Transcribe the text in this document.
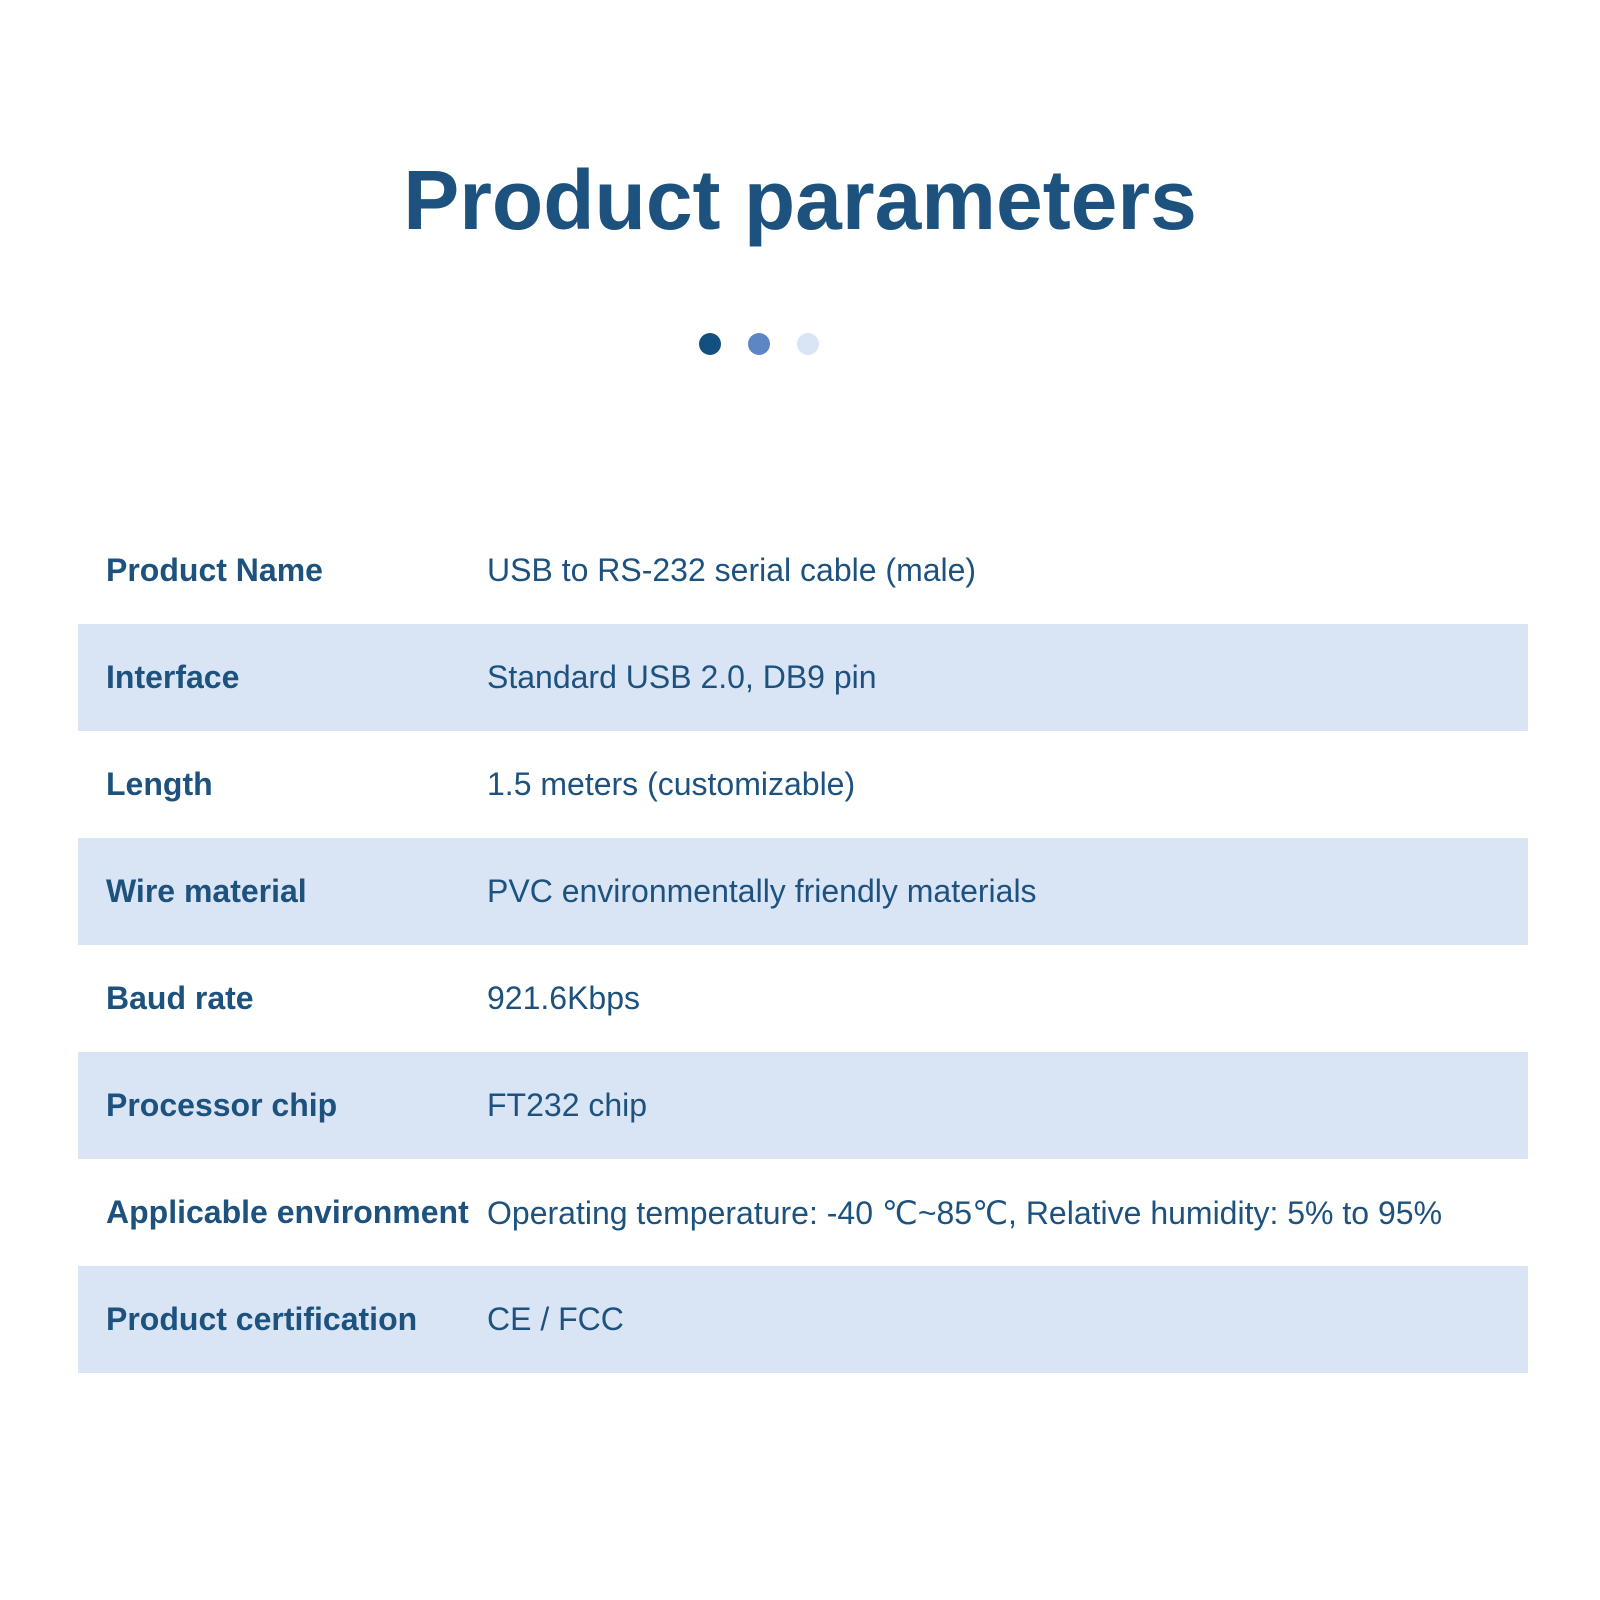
Product parameters
Product Name	USB to RS-232 serial cable (male)
Interface	Standard USB 2.0, DB9 pin
Length	1.5 meters (customizable)
Wire material	PVC environmentally friendly materials
Baud rate	921.6Kbps
Processor chip	FT232 chip
Applicable environment Operating temperature: -40 ℃~85℃, Relative humidity: 5% to 95%
Product certification	CE / FCC
